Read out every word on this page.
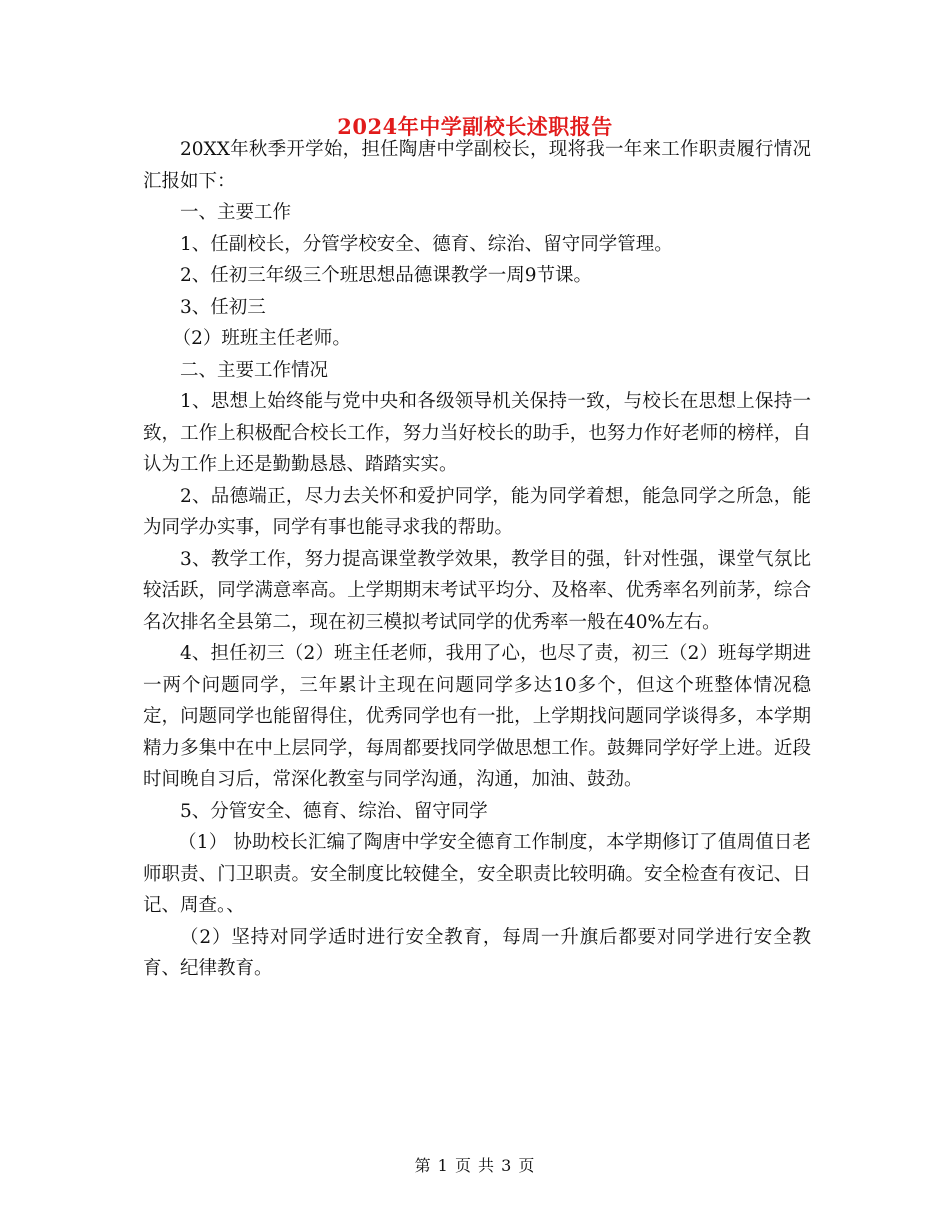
2024年中学副校长述职报告

20XX年秋季开学始，担任陶唐中学副校长，现将我一年来工作职责履行情况汇报如下：

一、主要工作

1、任副校长，分管学校安全、德育、综治、留守同学管理。

2、任初三年级三个班思想品德课教学一周9节课。

3、任初三

（2）班班主任老师。

二、主要工作情况

1、思想上始终能与党中央和各级领导机关保持一致，与校长在思想上保持一致，工作上积极配合校长工作，努力当好校长的助手，也努力作好老师的榜样，自认为工作上还是勤勤恳恳、踏踏实实。

2、品德端正，尽力去关怀和爱护同学，能为同学着想，能急同学之所急，能为同学办实事，同学有事也能寻求我的帮助。

3、教学工作，努力提高课堂教学效果，教学目的强，针对性强，课堂气氛比较活跃，同学满意率高。上学期期末考试平均分、及格率、优秀率名列前茅，综合名次排名全县第二，现在初三模拟考试同学的优秀率一般在40%左右。

4、担任初三（2）班主任老师，我用了心，也尽了责，初三（2）班每学期进一两个问题同学，三年累计主现在问题同学多达10多个，但这个班整体情况稳定，问题同学也能留得住，优秀同学也有一批，上学期找问题同学谈得多，本学期精力多集中在中上层同学，每周都要找同学做思想工作。鼓舞同学好学上进。近段时间晚自习后，常深化教室与同学沟通，沟通，加油、鼓劲。

5、分管安全、德育、综治、留守同学

（1） 协助校长汇编了陶唐中学安全德育工作制度，本学期修订了值周值日老师职责、门卫职责。安全制度比较健全，安全职责比较明确。安全检查有夜记、日记、周查。、

（2）坚持对同学适时进行安全教育，每周一升旗后都要对同学进行安全教育、纪律教育。

第 1 页 共 3 页
